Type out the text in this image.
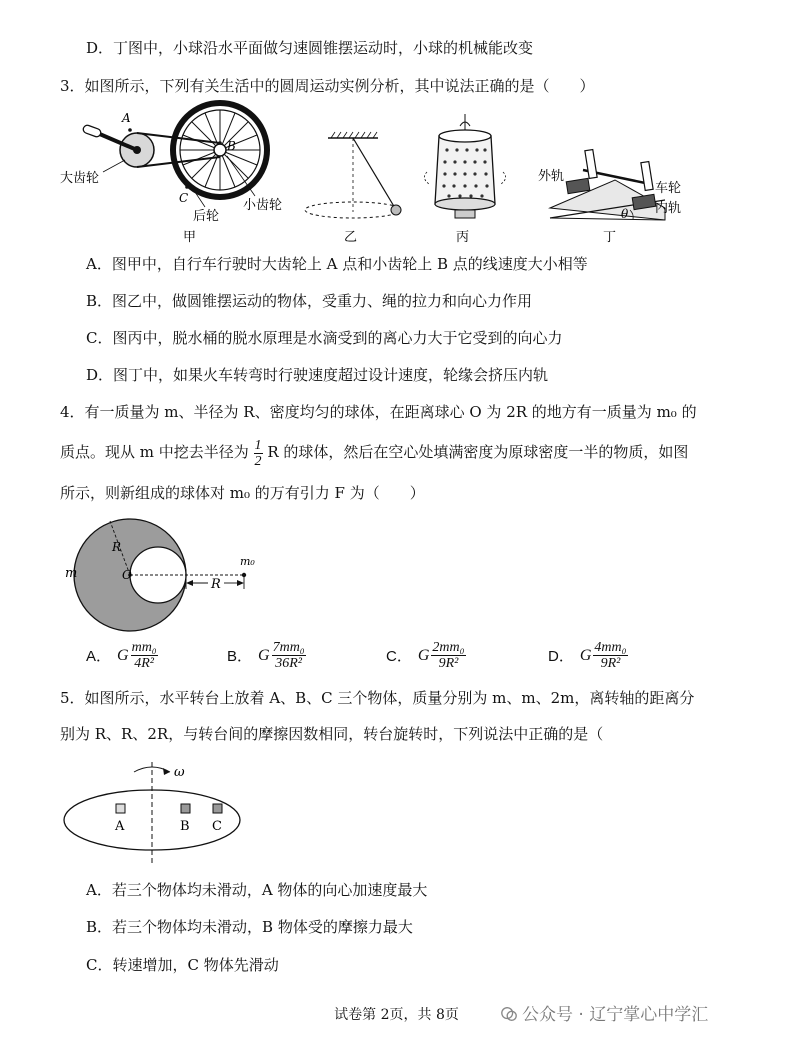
D．丁图中，小球沿水平面做匀速圆锥摆运动时，小球的机械能改变
3．如图所示，下列有关生活中的圆周运动实例分析，其中说法正确的是（　　）
A
B
C
大齿轮
后轮
小齿轮
甲	乙	丙
θ
外轨
车轮
内轨
丁
A．图甲中，自行车行驶时大齿轮上 A 点和小齿轮上 B 点的线速度大小相等
B．图乙中，做圆锥摆运动的物体，受重力、绳的拉力和向心力作用
C．图丙中，脱水桶的脱水原理是水滴受到的离心力大于它受到的向心力
D．图丁中，如果火车转弯时行驶速度超过设计速度，轮缘会挤压内轨
4．有一质量为 m、半径为 R、密度均匀的球体，在距离球心 O 为 2R 的地方有一质量为 m₀ 的
质点。现从 m 中挖去半径为 $\frac{1}{2}$ R 的球体，然后在空心处填满密度为原球密度一半的物质，如图
所示，则新组成的球体对 m₀ 的万有引力 F 为（　　）
R
m
R
O
m₀
A． G $\frac{\text{mm₀}}{\text{4R²}}$	B． G $\frac{\text{7mm₀}}{\text{36R²}}$	C． G $\frac{\text{2mm₀}}{\text{9R²}}$	D． G $\frac{\text{4mm₀}}{\text{9R²}}$
5．如图所示，水平转台上放着 A、B、C 三个物体，质量分别为 m、m、2m，离转轴的距离分
别为 R、R、2R，与转台间的摩擦因数相同，转台旋转时，下列说法中正确的是（
ω
A	B C
A．若三个物体均未滑动，A 物体的向心加速度最大
B．若三个物体均未滑动，B 物体受的摩擦力最大
C．转速增加，C 物体先滑动
试卷第 2页，共 8页	公众号 · 辽宁掌心中学汇
